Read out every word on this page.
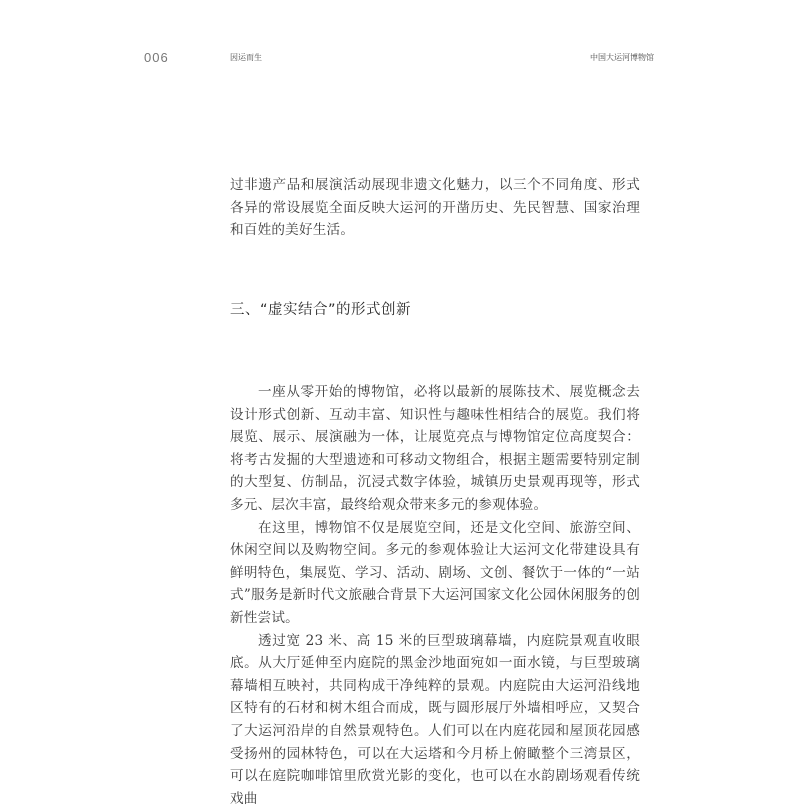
006	因运而生	中国大运河博物馆

过非遗产品和展演活动展现非遗文化魅力，以三个不同角度、形式各异的常设展览全面反映大运河的开凿历史、先民智慧、国家治理和百姓的美好生活。

三、“虚实结合”的形式创新

一座从零开始的博物馆，必将以最新的展陈技术、展览概念去设计形式创新、互动丰富、知识性与趣味性相结合的展览。我们将展览、展示、展演融为一体，让展览亮点与博物馆定位高度契合：将考古发掘的大型遗迹和可移动文物组合，根据主题需要特别定制的大型复、仿制品，沉浸式数字体验，城镇历史景观再现等，形式多元、层次丰富，最终给观众带来多元的参观体验。

在这里，博物馆不仅是展览空间，还是文化空间、旅游空间、休闲空间以及购物空间。多元的参观体验让大运河文化带建设具有鲜明特色，集展览、学习、活动、剧场、文创、餐饮于一体的“一站式”服务是新时代文旅融合背景下大运河国家文化公园休闲服务的创新性尝试。

透过宽 23 米、高 15 米的巨型玻璃幕墙，内庭院景观直收眼底。从大厅延伸至内庭院的黑金沙地面宛如一面水镜，与巨型玻璃幕墙相互映衬，共同构成干净纯粹的景观。内庭院由大运河沿线地区特有的石材和树木组合而成，既与圆形展厅外墙相呼应，又契合了大运河沿岸的自然景观特色。人们可以在内庭花园和屋顶花园感受扬州的园林特色，可以在大运塔和今月桥上俯瞰整个三湾景区，可以在庭院咖啡馆里欣赏光影的变化，也可以在水韵剧场观看传统戏曲
